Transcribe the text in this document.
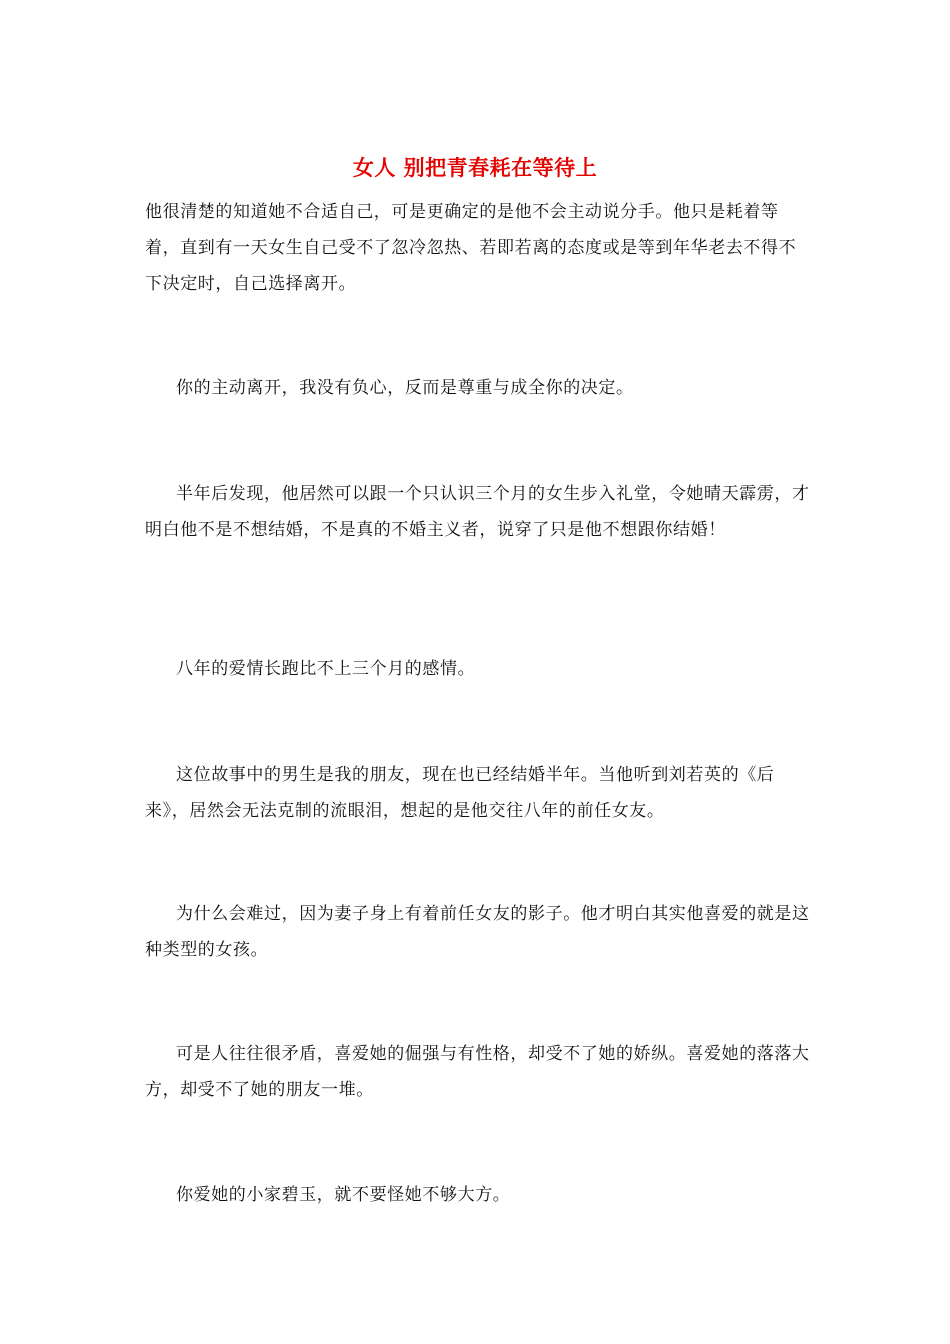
女人 别把青春耗在等待上

他很清楚的知道她不合适自己，可是更确定的是他不会主动说分手。他只是耗着等着，直到有一天女生自己受不了忽冷忽热、若即若离的态度或是等到年华老去不得不下决定时，自己选择离开。

你的主动离开，我没有负心，反而是尊重与成全你的决定。

半年后发现，他居然可以跟一个只认识三个月的女生步入礼堂，令她晴天霹雳，才明白他不是不想结婚，不是真的不婚主义者，说穿了只是他不想跟你结婚！

八年的爱情长跑比不上三个月的感情。

这位故事中的男生是我的朋友，现在也已经结婚半年。当他听到刘若英的《后来》，居然会无法克制的流眼泪，想起的是他交往八年的前任女友。

为什么会难过，因为妻子身上有着前任女友的影子。他才明白其实他喜爱的就是这种类型的女孩。

可是人往往很矛盾，喜爱她的倔强与有性格，却受不了她的娇纵。喜爱她的落落大方，却受不了她的朋友一堆。

你爱她的小家碧玉，就不要怪她不够大方。
